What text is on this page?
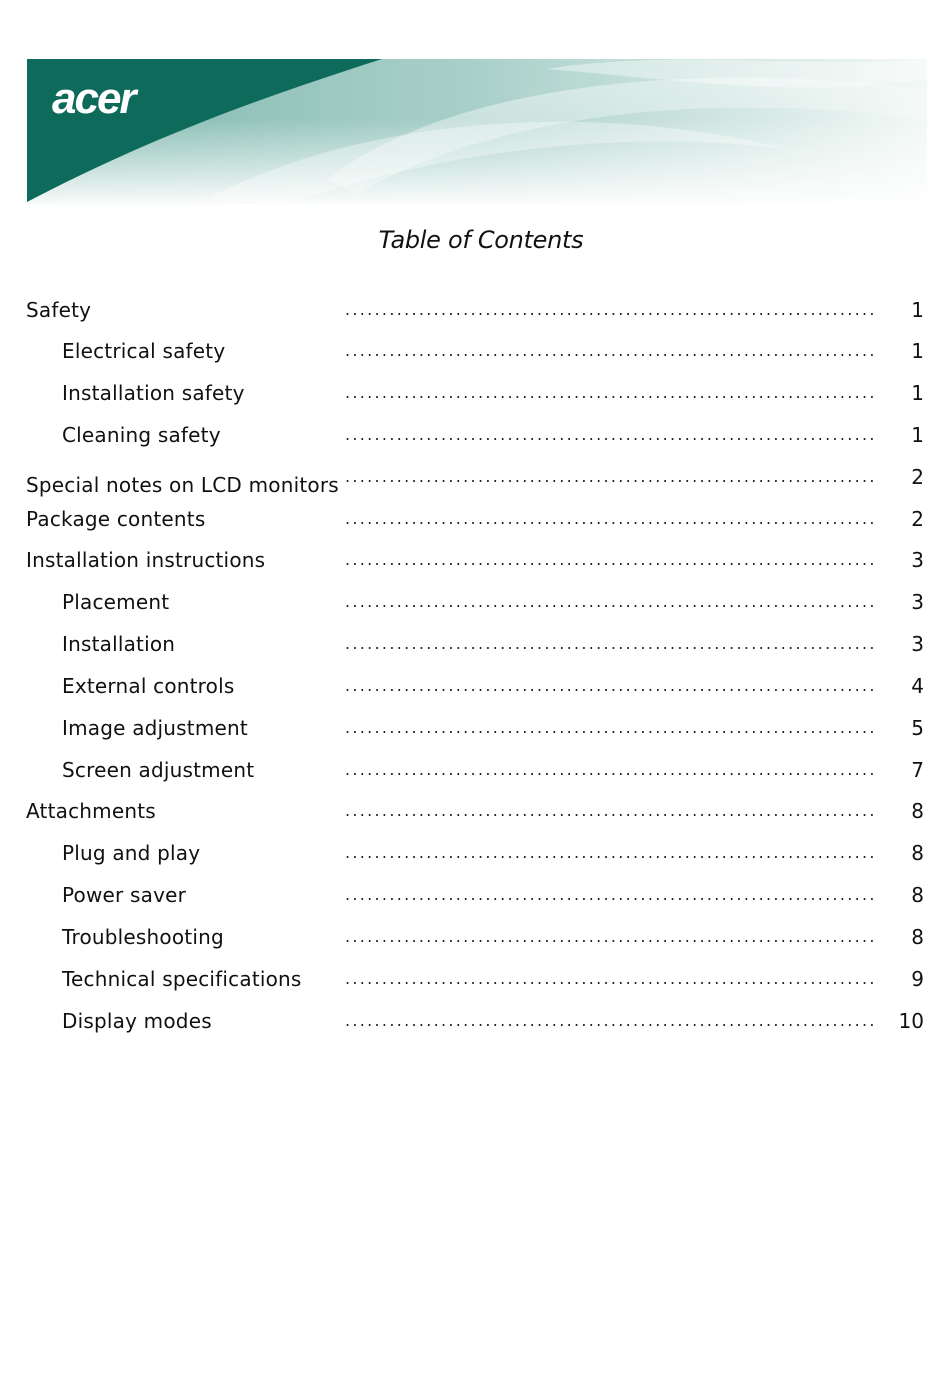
acer
Table of Contents
Safety .....	1
Electrical safety .....	1
Installation safety .....	1
Cleaning safety .....	1
Special notes on LCD monitors .....	2
Package contents .....	2
Installation instructions .....	3
Placement .....	3
Installation .....	3
External controls .....	4
Image adjustment .....	5
Screen adjustment .....	7
Attachments .....	8
Plug and play .....	8
Power saver .....	8
Troubleshooting .....	8
Technical specifications .....	9
Display modes .....	10
